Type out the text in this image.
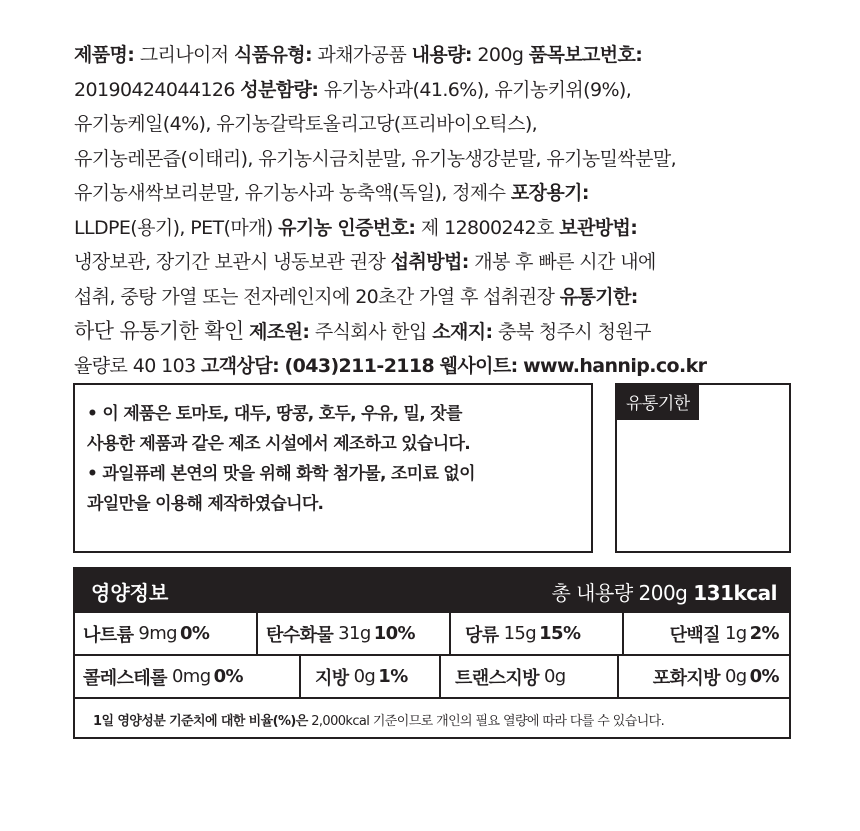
제품명: 그리나이저 식품유형: 과채가공품 내용량: 200g 품목보고번호:
20190424044126 성분함량: 유기농사과(41.6%), 유기농키위(9%),
유기농케일(4%), 유기농갈락토올리고당(프리바이오틱스),
유기농레몬즙(이태리), 유기농시금치분말, 유기농생강분말, 유기농밀싹분말,
유기농새싹보리분말, 유기농사과 농축액(독일), 정제수 포장용기:
LLDPE(용기), PET(마개) 유기농 인증번호: 제 12800242호 보관방법:
냉장보관, 장기간 보관시 냉동보관 권장 섭취방법: 개봉 후 빠른 시간 내에
섭취, 중탕 가열 또는 전자레인지에 20초간 가열 후 섭취권장 유통기한:
하단 유통기한 확인 제조원: 주식회사 한입 소재지: 충북 청주시 청원구
율량로 40 103 고객상담: (043)211-2118 웹사이트: www.hannip.co.kr
• 이 제품은 토마토, 대두, 땅콩, 호두, 우유, 밀, 잣를
사용한 제품과 같은 제조 시설에서 제조하고 있습니다.
• 과일퓨레 본연의 맛을 위해 화학 첨가물, 조미료 없이
과일만을 이용해 제작하였습니다.
유통기한
영양정보	총 내용량 200g 131kcal
나트륨 9mg 0%	탄수화물 31g 10%	당류 15g 15%	단백질 1g 2%
콜레스테롤 0mg 0%	지방 0g 1%	트랜스지방 0g	포화지방 0g 0%
1일 영양성분 기준치에 대한 비율(%)은
2,000kcal 기준이므로 개인의 필요 열량에 따라 다를 수 있습니다.
